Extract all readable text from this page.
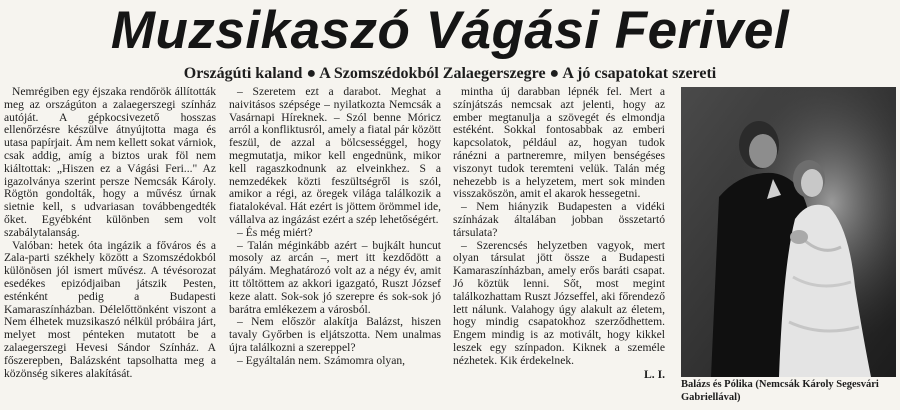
Muzsikaszó Vágási Ferivel
Országúti kaland ● A Szomszédokból Zalaegerszegre ● A jó csapatokat szereti

Nemrégiben egy éjszaka rendőrök állították meg az országúton a zalaegerszegi színház autóját. A gépkocsivezető hosszas ellenőrzésre készülve átnyújtotta maga és utasa papírjait. Ám nem kellett sokat várniok, csak addig, amíg a biztos urak föl nem kiáltottak: „Hiszen ez a Vágási Feri..." Az igazolványa szerint persze Nemcsák Károly. Rögtön gondolták, hogy a művész úrnak sietnie kell, s udvariasan továbbengedték őket. Egyébként különben sem volt szabálytalanság.

Valóban: hetek óta ingázik a főváros és a Zala-parti székhely között a Szomszédokból különösen jól ismert művész. A tévésorozat esedékes epizódjaiban játszik Pesten, esténként pedig a Budapesti Kamaraszínházban. Délelőttönként viszont a Nem élhetek muzsikaszó nélkül próbáira járt, melyet most pénteken mutatott be a zalaegerszegi Hevesi Sándor Színház. A főszerepben, Balázsként tapsolhatta meg a közönség sikeres alakítását.

– Szeretem ezt a darabot. Meghat a naivitásos szépsége – nyilatkozta Nemcsák a Vasárnapi Híreknek. – Szól benne Móricz arról a konfliktusról, amely a fiatal pár között feszül, de azzal a bölcsességgel, hogy megmutatja, mikor kell engednünk, mikor kell ragaszkodnunk az elveinkhez. S a nemzedékek közti feszültségről is szól, amikor a régi, az öregek világa találkozik a fiatalokéval. Hát ezért is jöttem örömmel ide, vállalva az ingázást ezért a szép lehetőségért.

– És még miért?

– Talán méginkább azért – bujkált huncut mosoly az arcán –, mert itt kezdődött a pályám. Meghatározó volt az a négy év, amit itt töltöttem az akkori igazgató, Ruszt József keze alatt. Sok-sok jó szerepre és sok-sok jó barátra emlékezem a városból.

– Nem először alakítja Balázst, hiszen tavaly Győrben is eljátszotta. Nem unalmas újra találkozni a szereppel?

– Egyáltalán nem. Számomra olyan,

mintha új darabban lépnék fel. Mert a színjátszás nemcsak azt jelenti, hogy az ember megtanulja a szövegét és elmondja estéként. Sokkal fontosabbak az emberi kapcsolatok, például az, hogyan tudok ránézni a partneremre, milyen benségéses viszonyt tudok teremteni velük. Talán még nehezebb is a helyzetem, mert sok minden visszaköszön, amit el akarok hessegetni.

– Nem hiányzik Budapesten a vidéki színházak általában jobban összetartó társulata?

– Szerencsés helyzetben vagyok, mert olyan társulat jött össze a Budapesti Kamaraszínházban, amely erős baráti csapat. Jó köztük lenni. Sőt, most megint találkozhattam Ruszt Józseffel, aki főrendező lett nálunk. Valahogy úgy alakult az életem, hogy mindig csapatokhoz szerződhettem. Engem mindig is az motivált, hogy kikkel leszek egy színpadon. Kiknek a személe nézhetek. Kik érdekelnek.

L. I.
Balázs és Pólika (Nemcsák Károly Segesvári Gabriellával)
